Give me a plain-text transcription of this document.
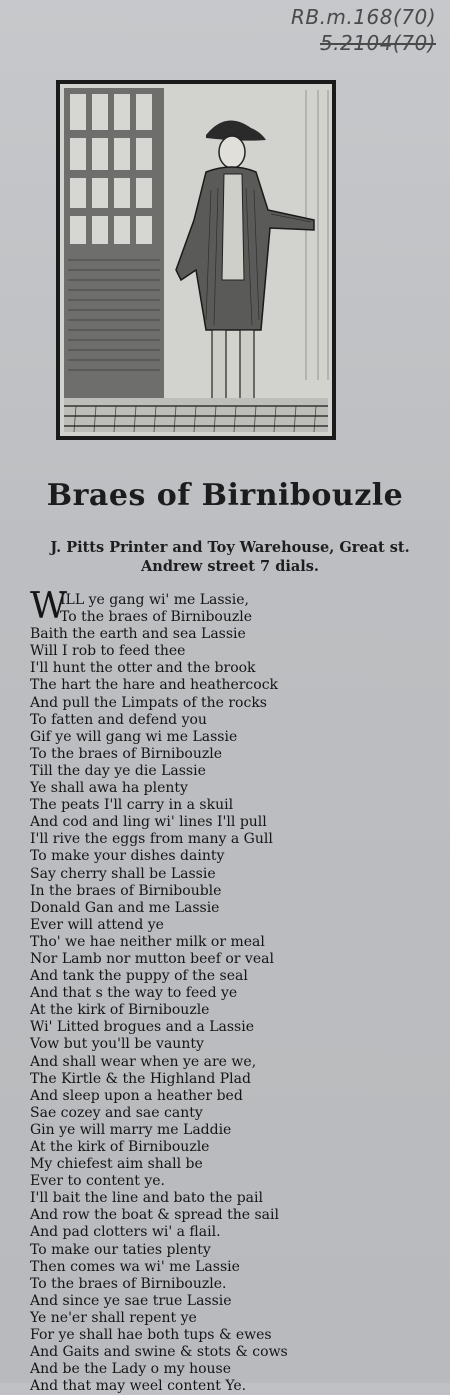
RB.m.168(70)
5.2104(70)
Braes of Birnibouzle
J. Pitts Printer and Toy Warehouse, Great st.
Andrew street 7 dials.
W
ILL ye gang wi' me Lassie,
To the braes of Birnibouzle
Baith the earth and sea Lassie
Will I rob to feed thee
I'll hunt the otter and the brook
The hart the hare and heathercock
And pull the Limpats of the rocks
To fatten and defend you
Gif ye will gang wi me Lassie
To the braes of Birnibouzle
Till the day ye die Lassie
Ye shall awa ha plenty
The peats I'll carry in a skuil
And cod and ling wi' lines I'll pull
I'll rive the eggs from many a Gull
To make your dishes dainty
Say cherry shall be Lassie
In the braes of Birnibouble
Donald Gan and me Lassie
Ever will attend ye
Tho' we hae neither milk or meal
Nor Lamb nor mutton beef or veal
And tank the puppy of the seal
And that s the way to feed ye
At the kirk of Birnibouzle
Wi' Litted brogues and a Lassie
Vow but you'll be vaunty
And shall wear when ye are we,
The Kirtle & the Highland Plad
And sleep upon a heather bed
Sae cozey and sae canty
Gin ye will marry me Laddie
At the kirk of Birnibouzle
My chiefest aim shall be
Ever to content ye.
I'll bait the line and bato the pail
And row the boat & spread the sail
And pad clotters wi' a flail.
To make our taties plenty
Then comes wa wi' me Lassie
To the braes of Birnibouzle.
And since ye sae true Lassie
Ye ne'er shall repent ye
For ye shall hae both tups & ewes
And Gaits and swine & stots & cows
And be the Lady o my house
And that may weel content Ye.
